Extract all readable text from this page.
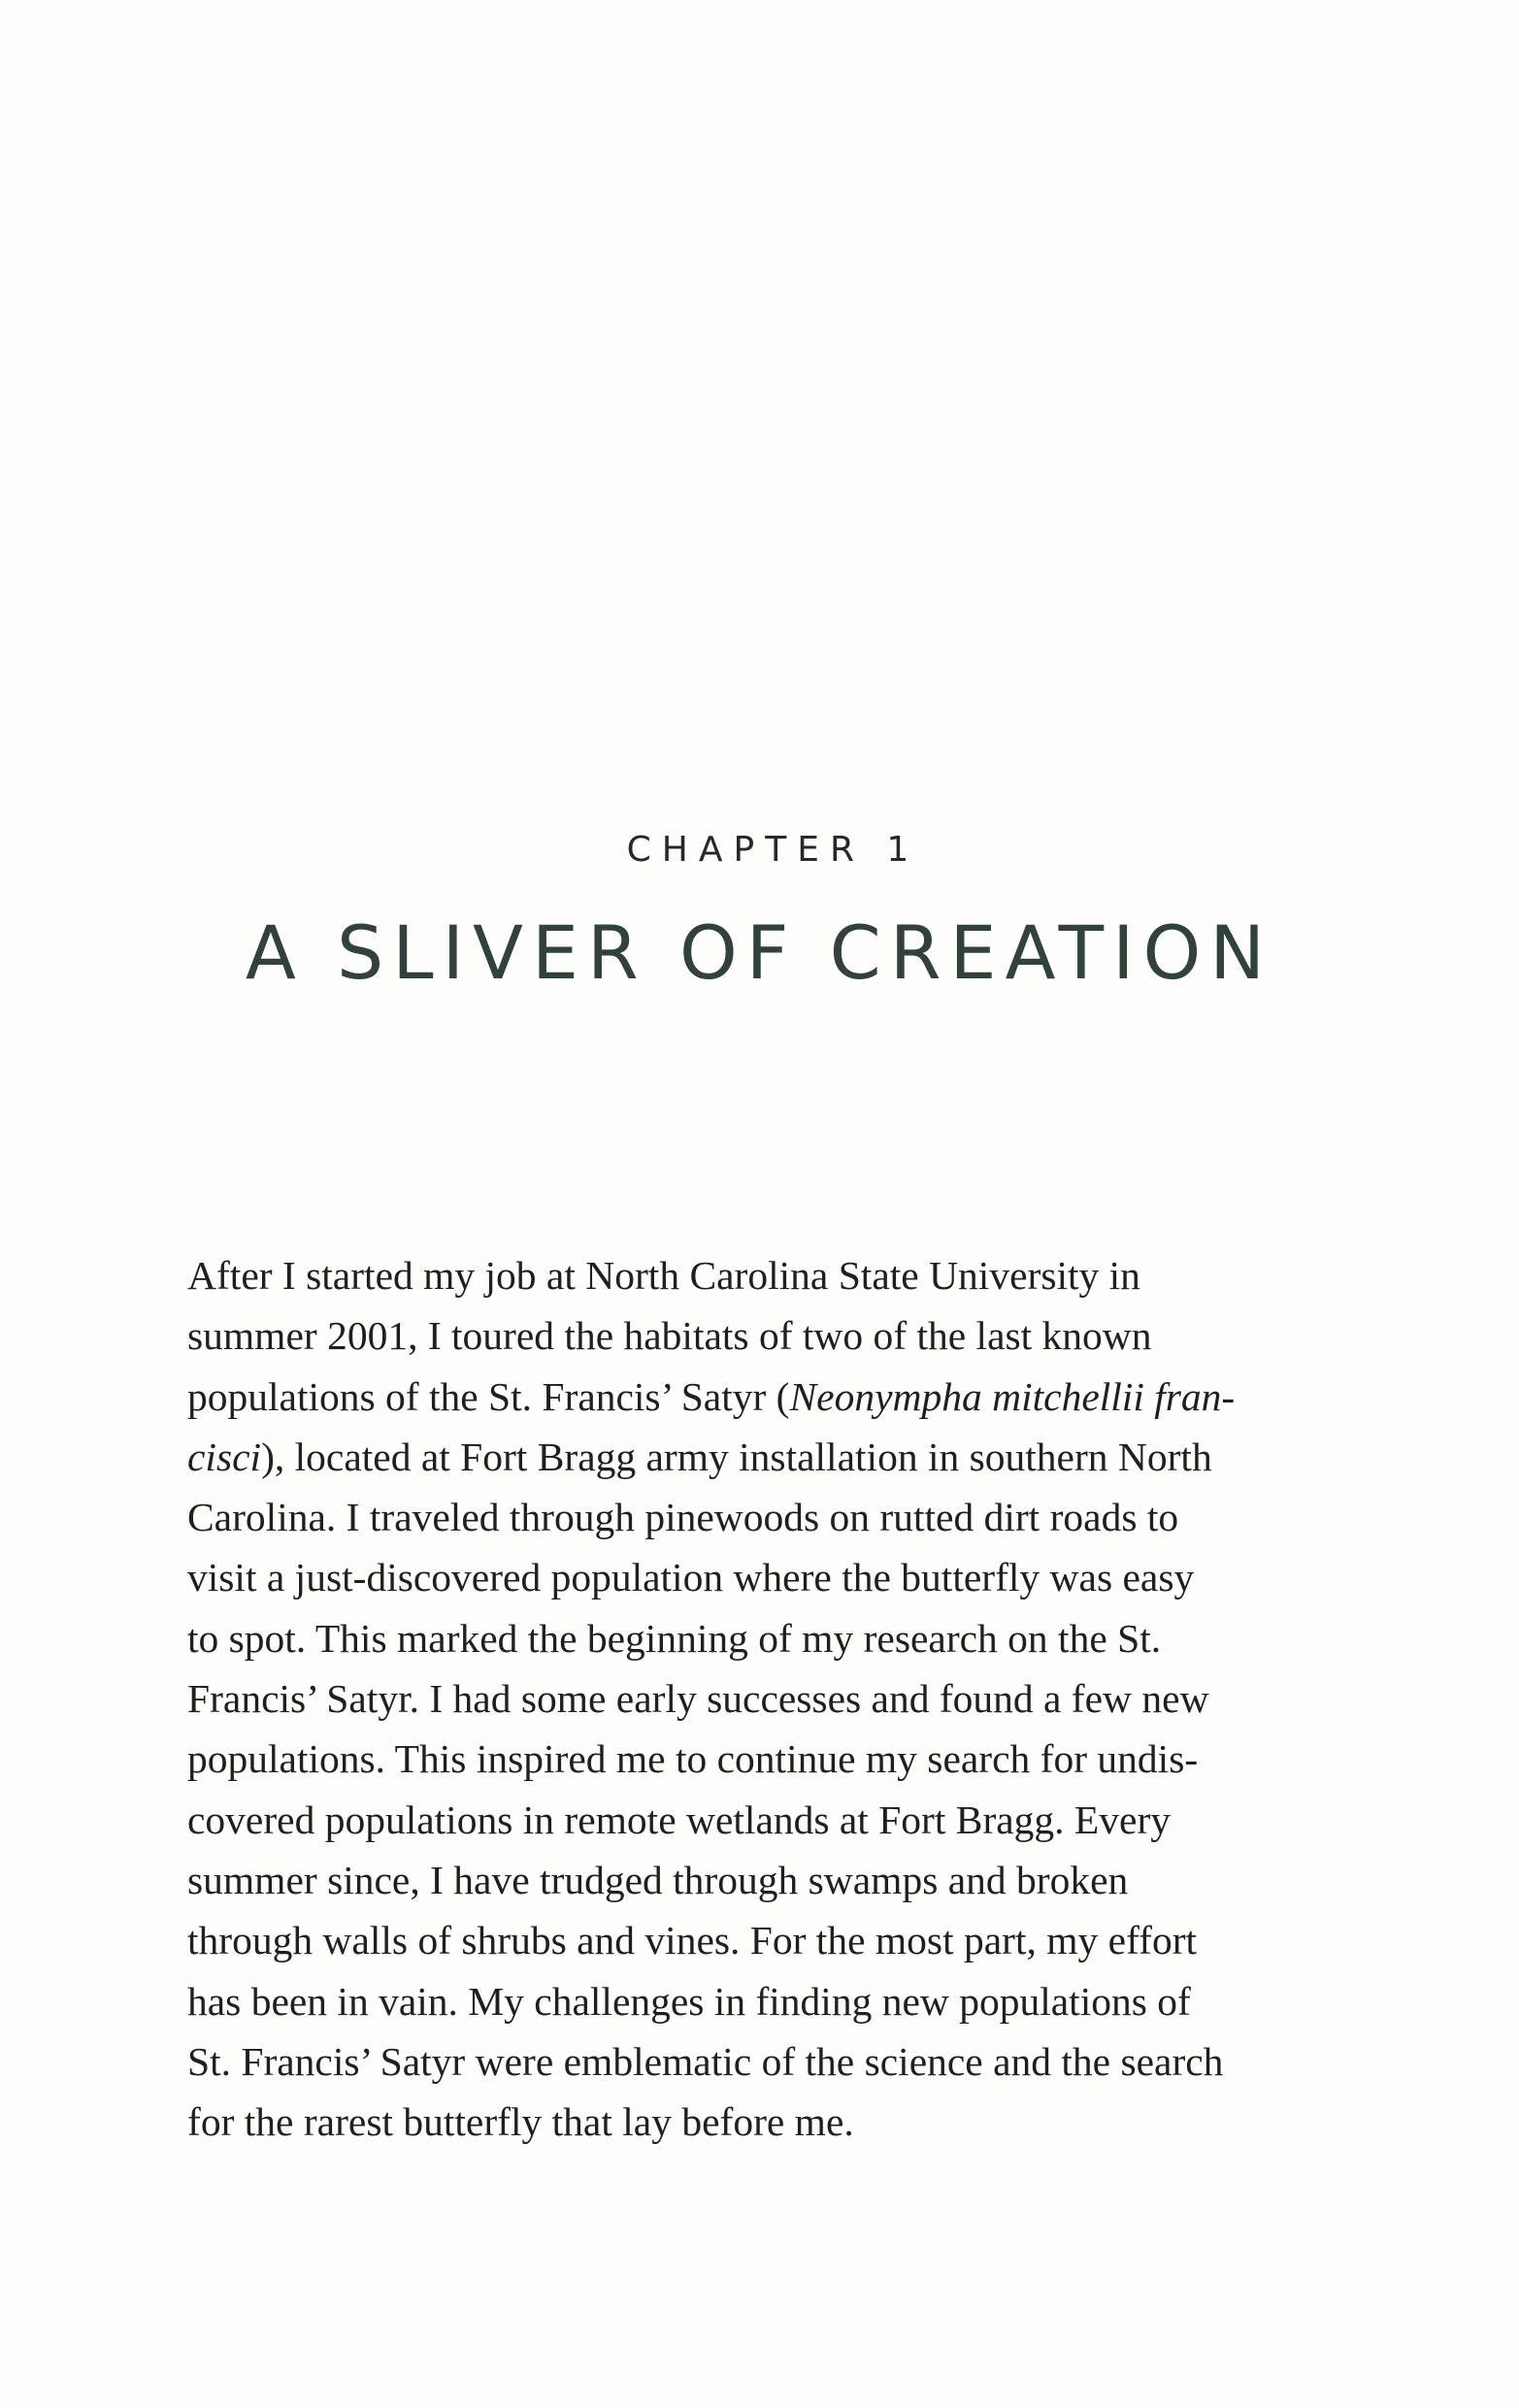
CHAPTER 1
A SLIVER OF CREATION
After I started my job at North Carolina State University in
summer 2001, I toured the habitats of two of the last known
populations of the St. Francis’ Satyr (Neonympha mitchellii fran-
cisci), located at Fort Bragg army installation in southern North
Carolina. I traveled through pinewoods on rutted dirt roads to
visit a just-discovered population where the butterfly was easy
to spot. This marked the beginning of my research on the St.
Francis’ Satyr. I had some early successes and found a few new
populations. This inspired me to continue my search for undis-
covered populations in remote wetlands at Fort Bragg. Every
summer since, I have trudged through swamps and broken
through walls of shrubs and vines. For the most part, my effort
has been in vain. My challenges in finding new populations of
St. Francis’ Satyr were emblematic of the science and the search
for the rarest butterfly that lay before me.
